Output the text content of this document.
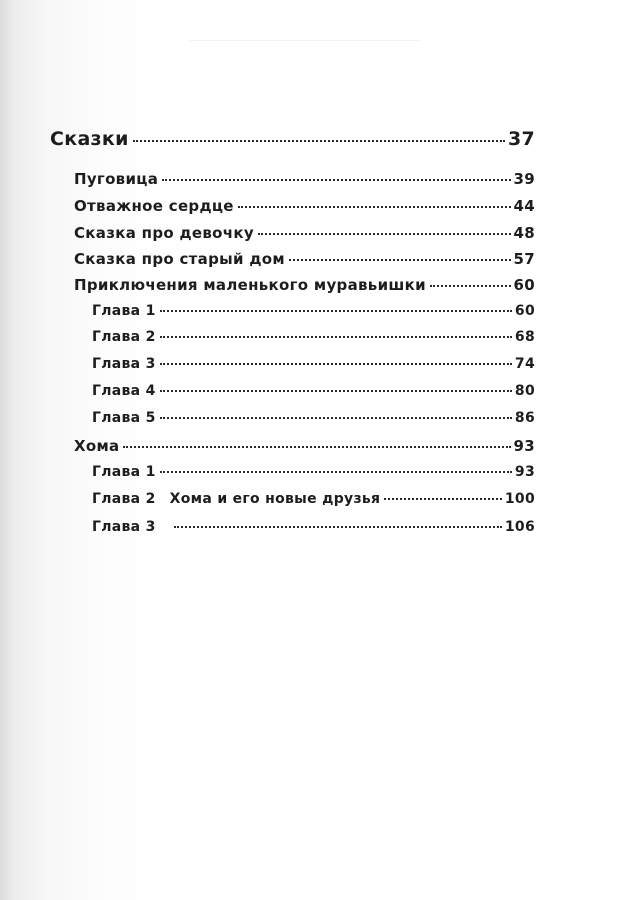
Сказки	37
Пуговица	39
Отважное сердце	44
Сказка про девочку	48
Сказка про старый дом	57
Приключения маленького муравьишки	60
Глава 1	60
Глава 2	68
Глава 3	74
Глава 4	80
Глава 5	86
Хома	93
Глава 1	93
Глава 2 Хома и его новые друзья	100
Глава 3	106
